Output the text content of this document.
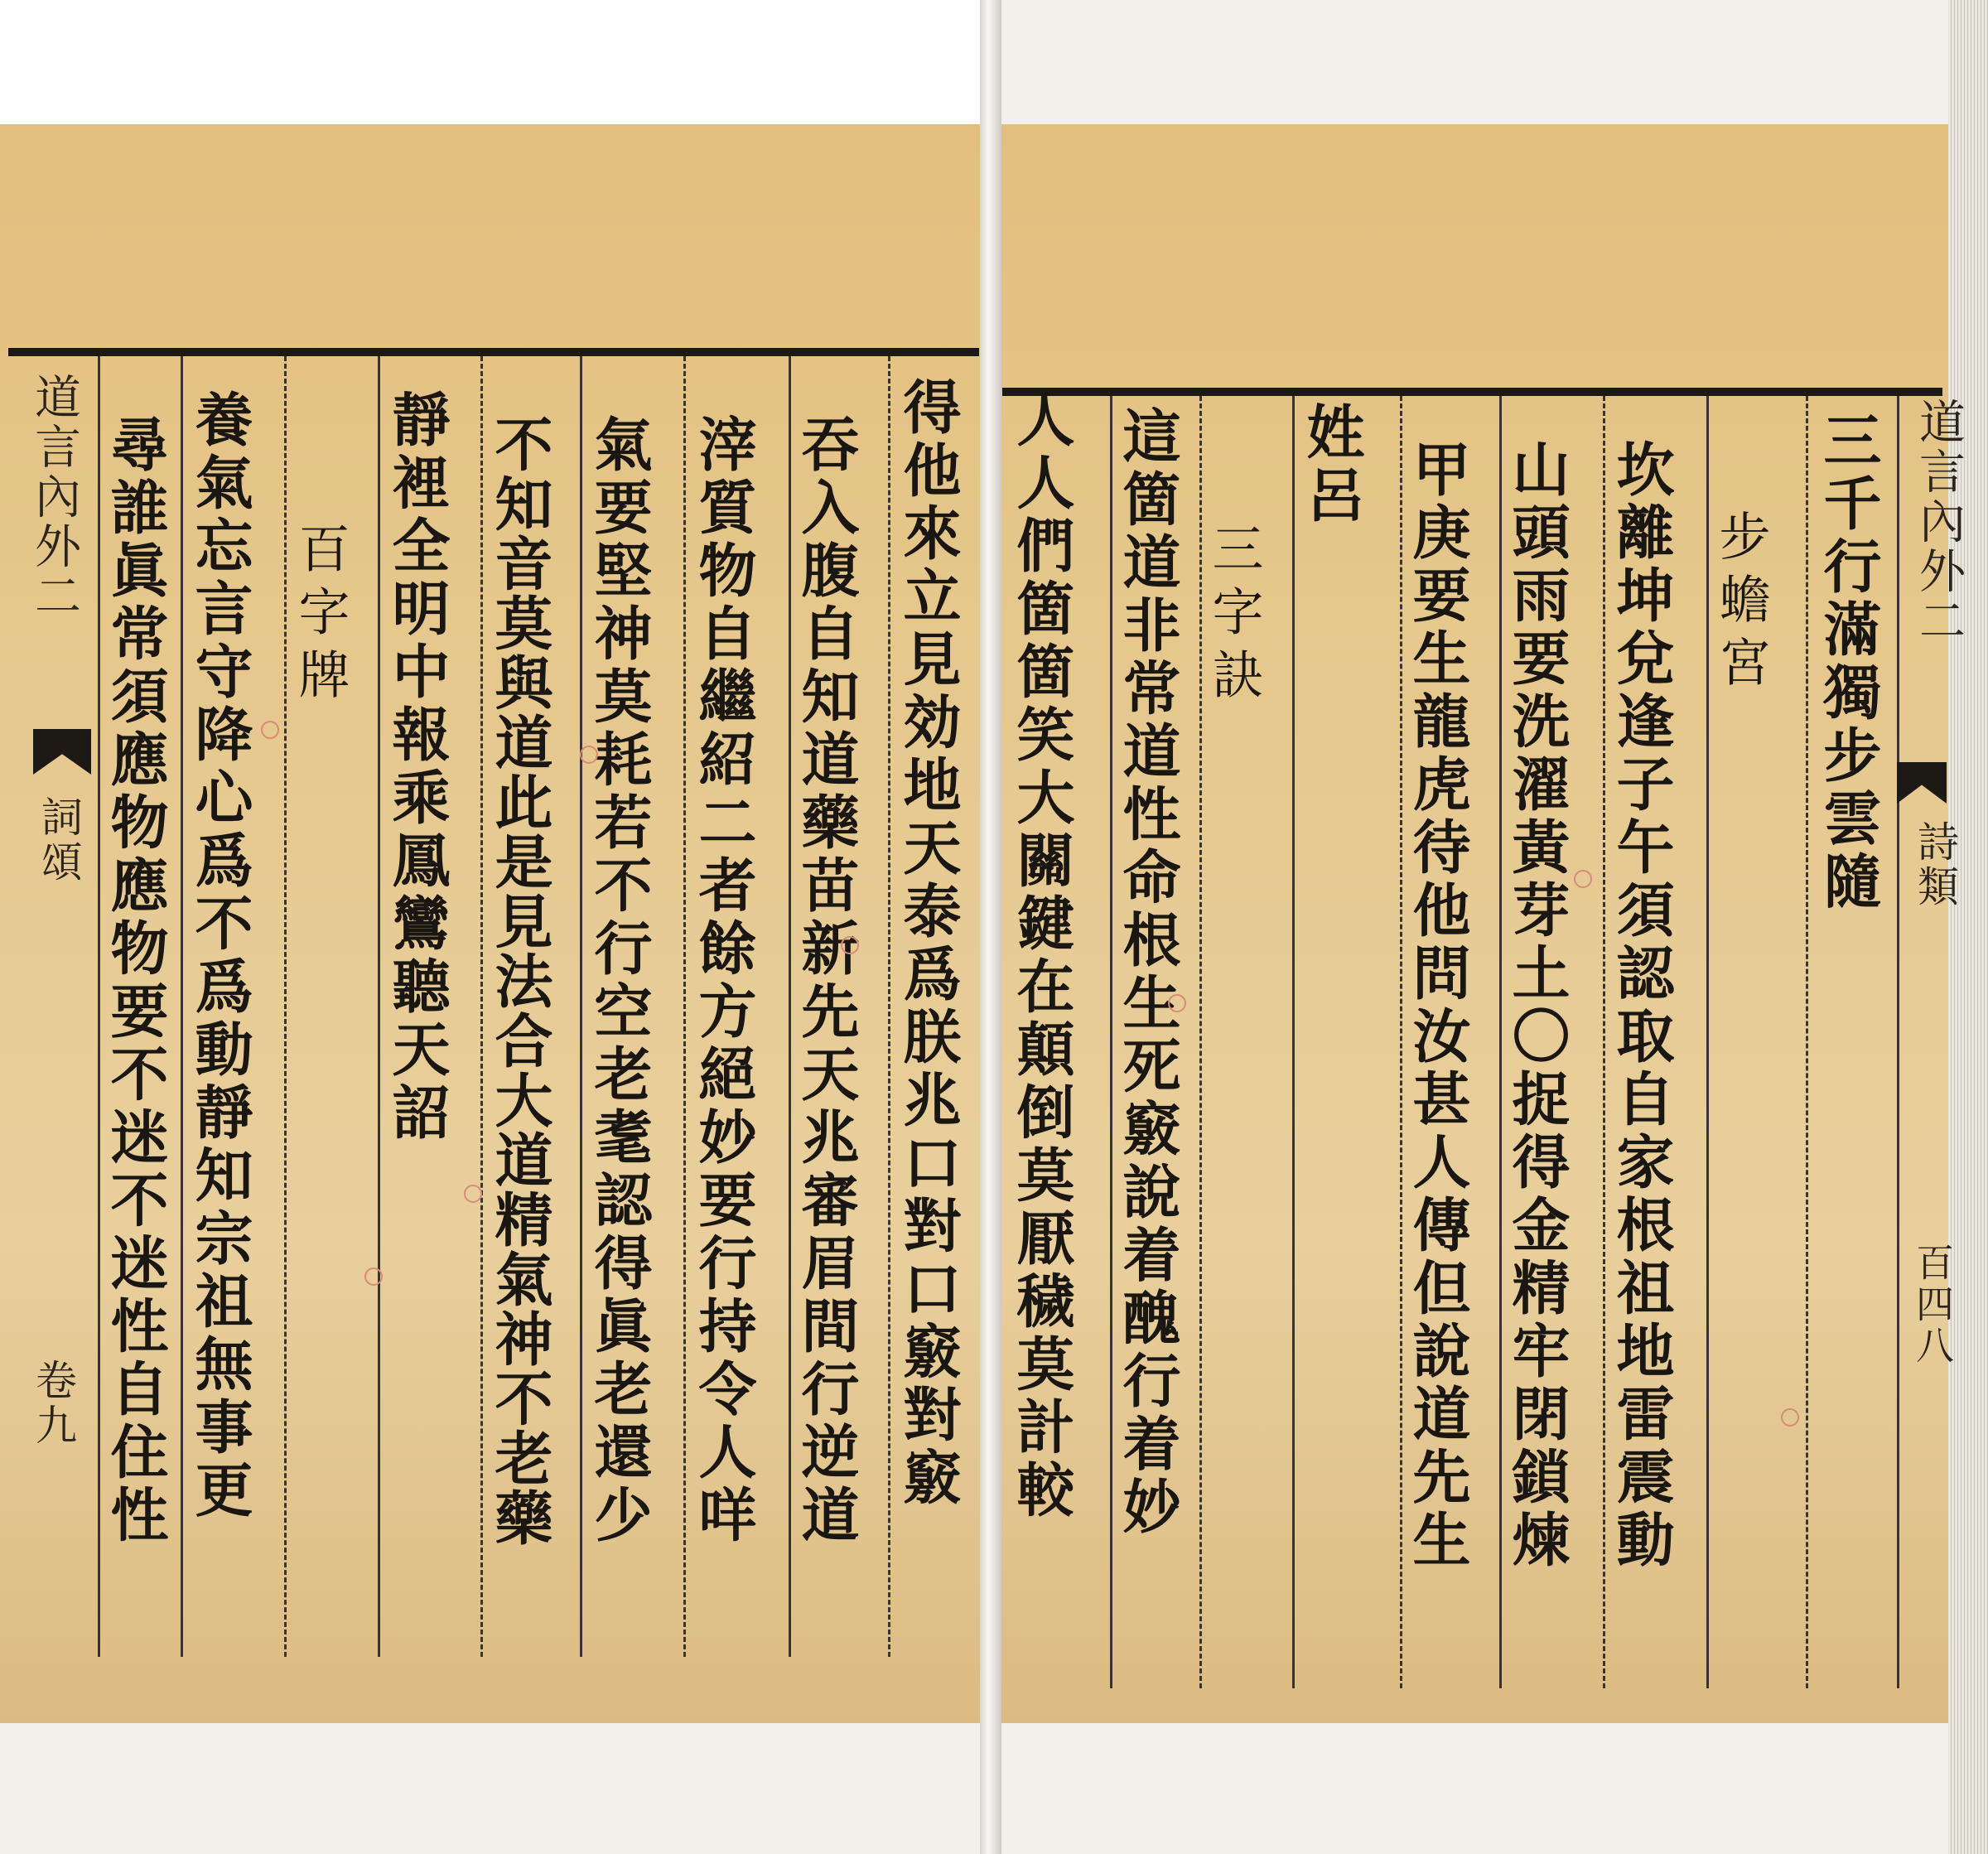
道言內外二
詞頌
卷九	得他來立見効地天泰爲朕兆口對口竅對竅
吞入腹自知道藥苗新先天兆審眉間行逆道
滓質物自繼紹二者餘方絕妙要行持令人咩
氣要堅神莫耗若不行空老耄認得眞老還少
不知音莫與道此是見法合大道精氣神不老藥
靜裡全明中報乘鳳鸞聽天詔
百字牌
養氣忘言守降心爲不爲動靜知宗祖無事更
尋誰眞常須應物應物要不迷不迷性自住性	道言內外二
詩類
百四八
三千行滿獨步雲隨
步蟾宮
坎離坤兌逢子午須認取自家根祖地雷震動
山頭雨要洗濯黃芽土〇捉得金精牢閉鎖煉
甲庚要生龍虎待他問汝甚人傳但說道先生
姓呂
三字訣
這箇道非常道性命根生死竅說着醜行着妙
人人們箇箇笑大關鍵在顛倒莫厭穢莫計較
